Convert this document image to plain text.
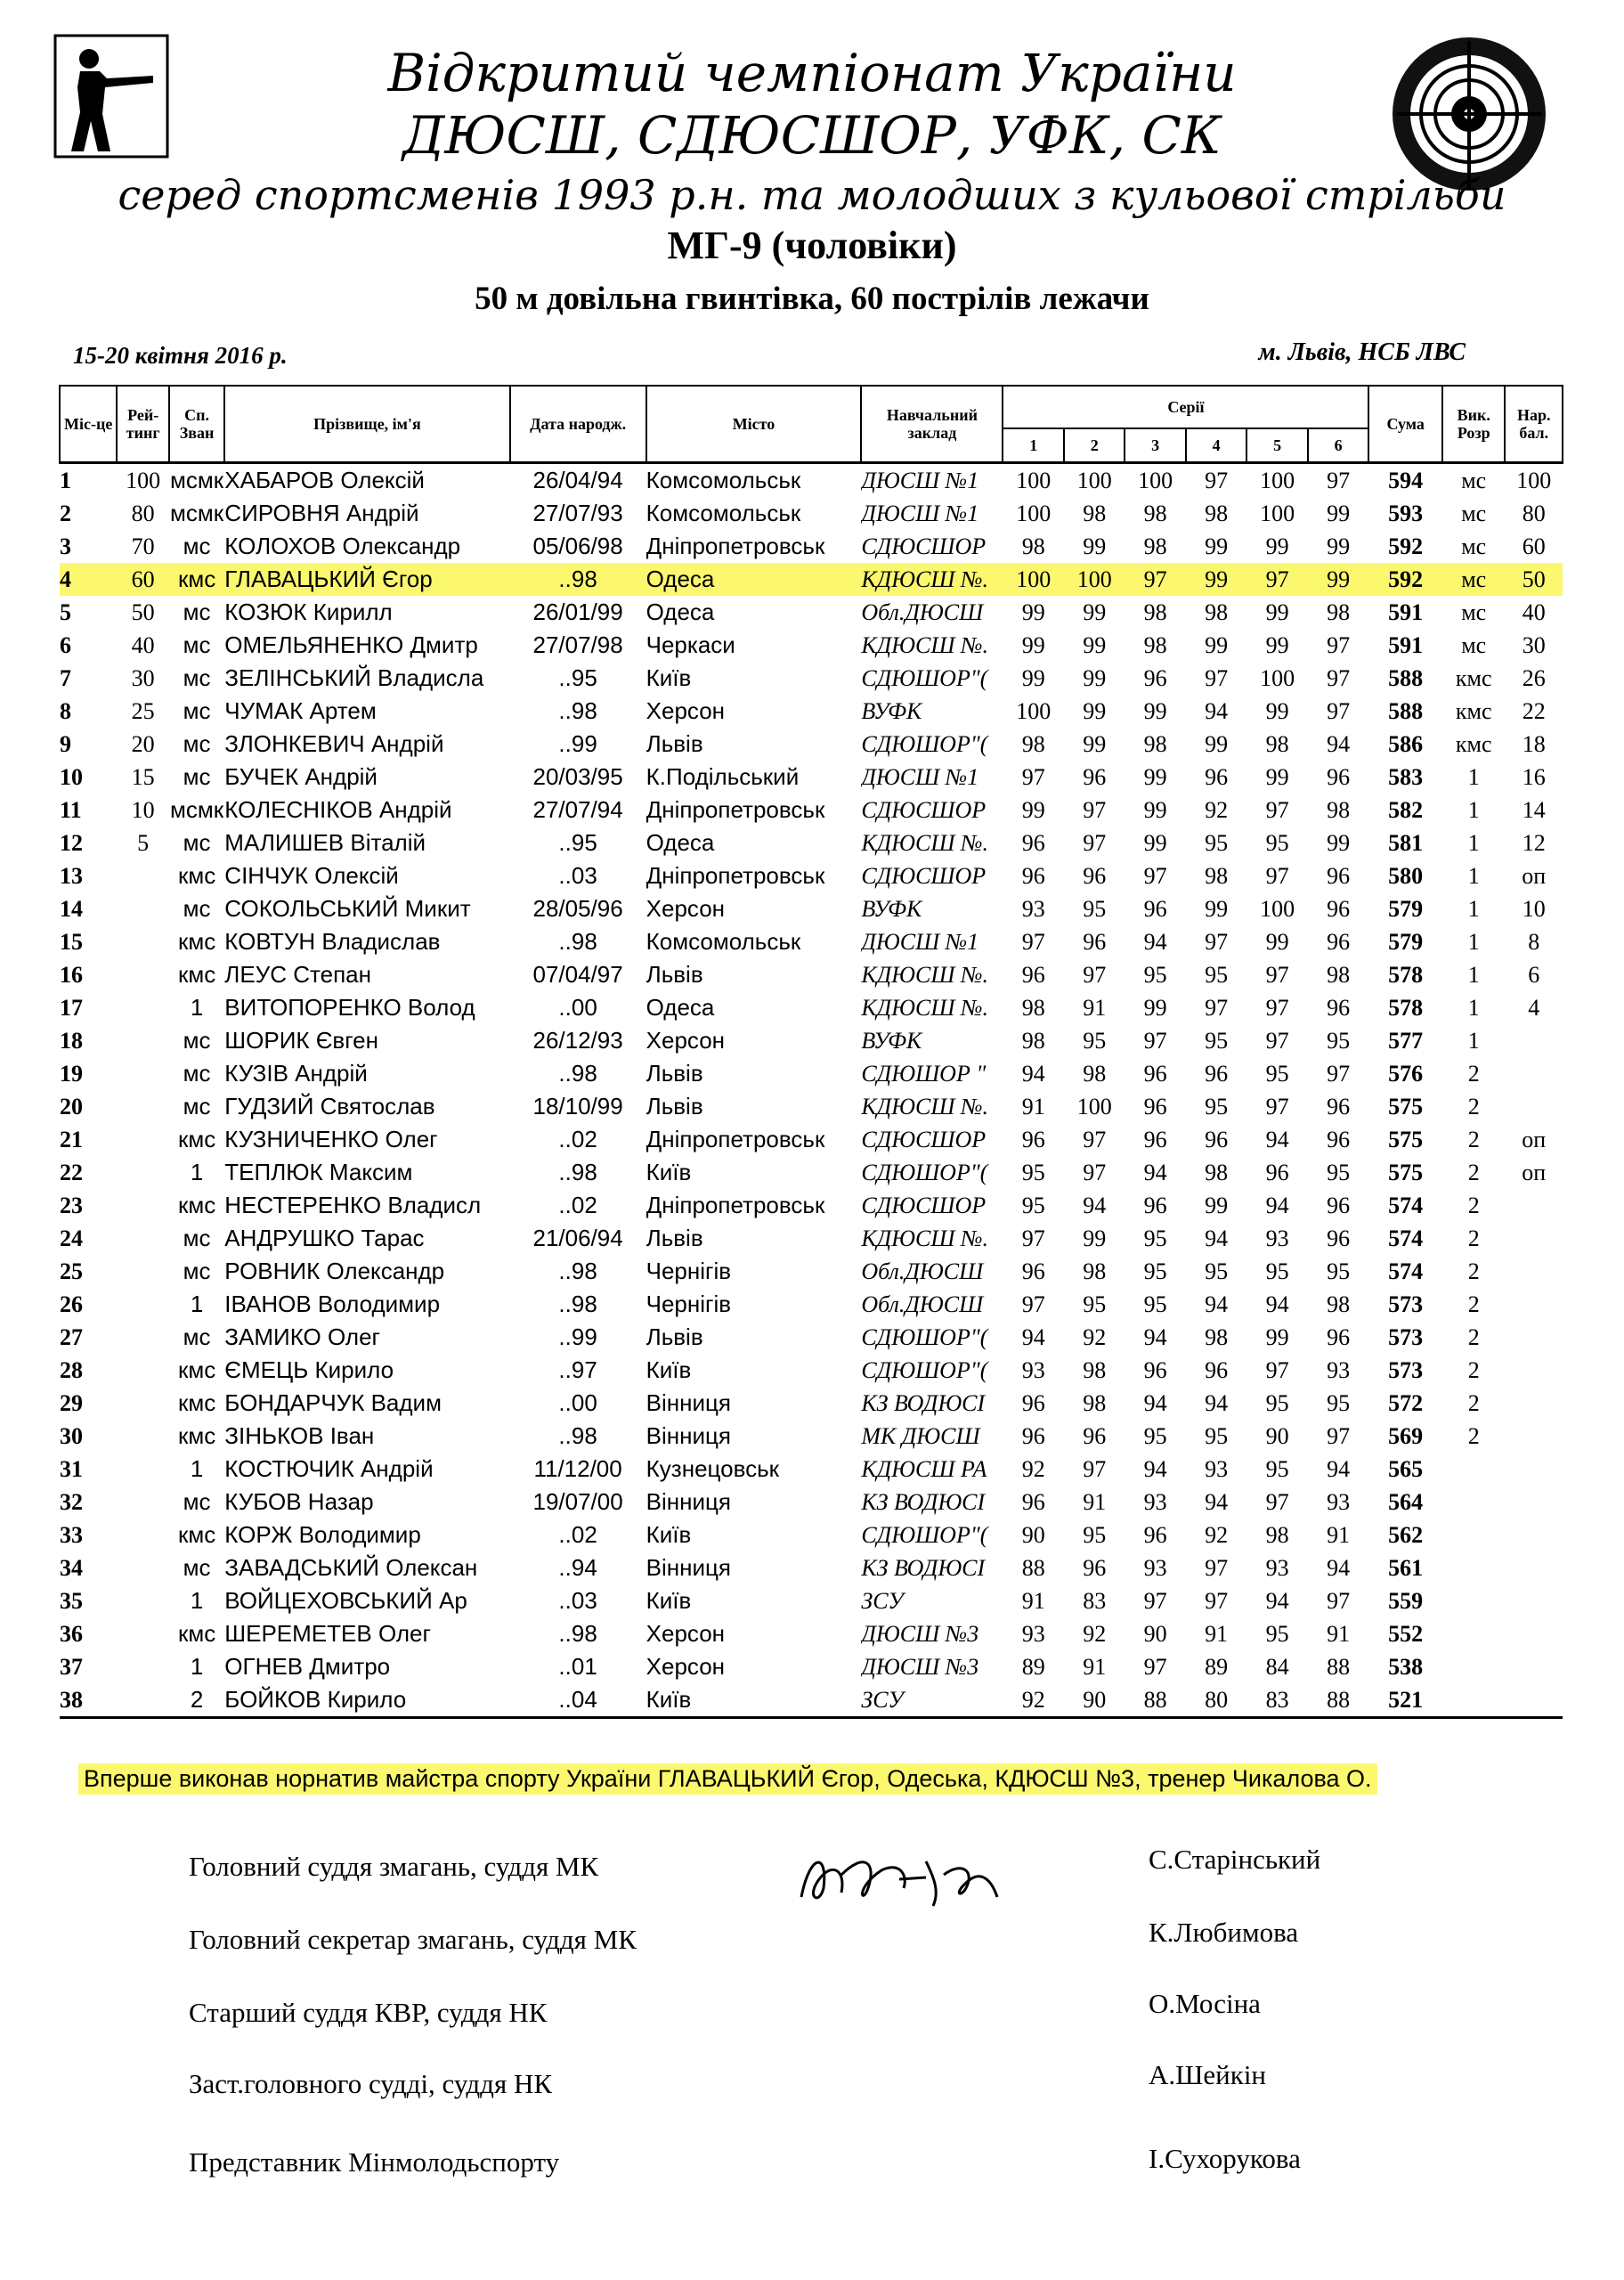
Відкритий чемпіонат України
ДЮСШ, СДЮСШОР, УФК, СК
серед спортсменів 1993 р.н. та молодших з кульової стрільби
МГ-9 (чоловіки)
50 м довільна гвинтівка, 60 пострілів лежачи
15-20 квітня 2016 р.	м. Львів, НСБ ЛВС
Міс-це	Рей-тинг	Сп. Зван	Прізвище, ім'я	Дата народж.	Місто	Навчальний заклад	Серії						Сума	Вик. Розр	Нар. бал.
							1	2	3	4	5	6			
1	100	мсмк	ХАБАРОВ Олексій	26/04/94	Комсомольськ	ДЮСШ №1	100	100	100	97	100	97	594	мс	100
2	80	мсмк	СИРОВНЯ Андрій	27/07/93	Комсомольськ	ДЮСШ №1	100	98	98	98	100	99	593	мс	80
3	70	мс	КОЛОХОВ Олександр	05/06/98	Дніпропетровськ	СДЮСШОР	98	99	98	99	99	99	592	мс	60
4	60	кмс	ГЛАВАЦЬКИЙ Єгор	..98	Одеса	КДЮСШ №.	100	100	97	99	97	99	592	мс	50
5	50	мс	КОЗЮК Кирилл	26/01/99	Одеса	Обл.ДЮСШ	99	99	98	98	99	98	591	мс	40
6	40	мс	ОМЕЛЬЯНЕНКО Дмитр	27/07/98	Черкаси	КДЮСШ №.	99	99	98	99	99	97	591	мс	30
7	30	мс	ЗЕЛІНСЬКИЙ Владисла	..95	Київ	СДЮШОР"(	99	99	96	97	100	97	588	кмс	26
8	25	мс	ЧУМАК Артем	..98	Херсон	ВУФК	100	99	99	94	99	97	588	кмс	22
9	20	мс	ЗЛОНКЕВИЧ Андрій	..99	Львів	СДЮШОР"(	98	99	98	99	98	94	586	кмс	18
10	15	мс	БУЧЕК Андрій	20/03/95	К.Подільський	ДЮСШ №1	97	96	99	96	99	96	583	1	16
11	10	мсмк	КОЛЕСНІКОВ Андрій	27/07/94	Дніпропетровськ	СДЮСШОР	99	97	99	92	97	98	582	1	14
12	5	мс	МАЛИШЕВ Віталій	..95	Одеса	КДЮСШ №.	96	97	99	95	95	99	581	1	12
13		кмс	СІНЧУК Олексій	..03	Дніпропетровськ	СДЮСШОР	96	96	97	98	97	96	580	1	оп
14		мс	СОКОЛЬСЬКИЙ Микит	28/05/96	Херсон	ВУФК	93	95	96	99	100	96	579	1	10
15		кмс	КОВТУН Владислав	..98	Комсомольськ	ДЮСШ №1	97	96	94	97	99	96	579	1	8
16		кмс	ЛЕУС Степан	07/04/97	Львів	КДЮСШ №.	96	97	95	95	97	98	578	1	6
17		1	ВИТОПОРЕНКО Волод	..00	Одеса	КДЮСШ №.	98	91	99	97	97	96	578	1	4
18		мс	ШОРИК Євген	26/12/93	Херсон	ВУФК	98	95	97	95	97	95	577	1	
19		мс	КУЗІВ Андрій	..98	Львів	СДЮШОР "	94	98	96	96	95	97	576	2	
20		мс	ГУДЗИЙ Святослав	18/10/99	Львів	КДЮСШ №.	91	100	96	95	97	96	575	2	
21		кмс	КУЗНИЧЕНКО Олег	..02	Дніпропетровськ	СДЮСШОР	96	97	96	96	94	96	575	2	оп
22		1	ТЕПЛЮК Максим	..98	Київ	СДЮШОР"(	95	97	94	98	96	95	575	2	оп
23		кмс	НЕСТЕРЕНКО Владисл	..02	Дніпропетровськ	СДЮСШОР	95	94	96	99	94	96	574	2	
24		мс	АНДРУШКО Тарас	21/06/94	Львів	КДЮСШ №.	97	99	95	94	93	96	574	2	
25		мс	РОВНИК Олександр	..98	Чернігів	Обл.ДЮСШ	96	98	95	95	95	95	574	2	
26		1	ІВАНОВ Володимир	..98	Чернігів	Обл.ДЮСШ	97	95	95	94	94	98	573	2	
27		мс	ЗАМИКО Олег	..99	Львів	СДЮШОР"(	94	92	94	98	99	96	573	2	
28		кмс	ЄМЕЦЬ Кирило	..97	Київ	СДЮШОР"(	93	98	96	96	97	93	573	2	
29		кмс	БОНДАРЧУК Вадим	..00	Вінниця	КЗ ВОДЮСІ	96	98	94	94	95	95	572	2	
30		кмс	ЗІНЬКОВ Іван	..98	Вінниця	МК ДЮСШ	96	96	95	95	90	97	569	2	
31		1	КОСТЮЧИК Андрій	11/12/00	Кузнецовськ	КДЮСШ РА	92	97	94	93	95	94	565		
32		мс	КУБОВ Назар	19/07/00	Вінниця	КЗ ВОДЮСІ	96	91	93	94	97	93	564		
33		кмс	КОРЖ Володимир	..02	Київ	СДЮШОР"(	90	95	96	92	98	91	562		
34		мс	ЗАВАДСЬКИЙ Олексан	..94	Вінниця	КЗ ВОДЮСІ	88	96	93	97	93	94	561		
35		1	ВОЙЦЕХОВСЬКИЙ Ар	..03	Київ	ЗСУ	91	83	97	97	94	97	559		
36		кмс	ШЕРЕМЕТЕВ Олег	..98	Херсон	ДЮСШ №3	93	92	90	91	95	91	552		
37		1	ОГНЕВ Дмитро	..01	Херсон	ДЮСШ №3	89	91	97	89	84	88	538		
38		2	БОЙКОВ Кирило	..04	Київ	ЗСУ	92	90	88	80	83	88	521		
Вперше виконав норнатив майстра спорту України ГЛАВАЦЬКИЙ Єгор, Одеська, КДЮСШ №3, тренер Чикалова О.
Головний суддя змагань, суддя МК	С.Старінський
Головний секретар змагань, суддя МК	К.Любимова
Старший суддя КВР, суддя НК	О.Мосіна
Заст.головного судді, суддя НК	А.Шейкін
Представник Мінмолодьспорту	І.Сухорукова
